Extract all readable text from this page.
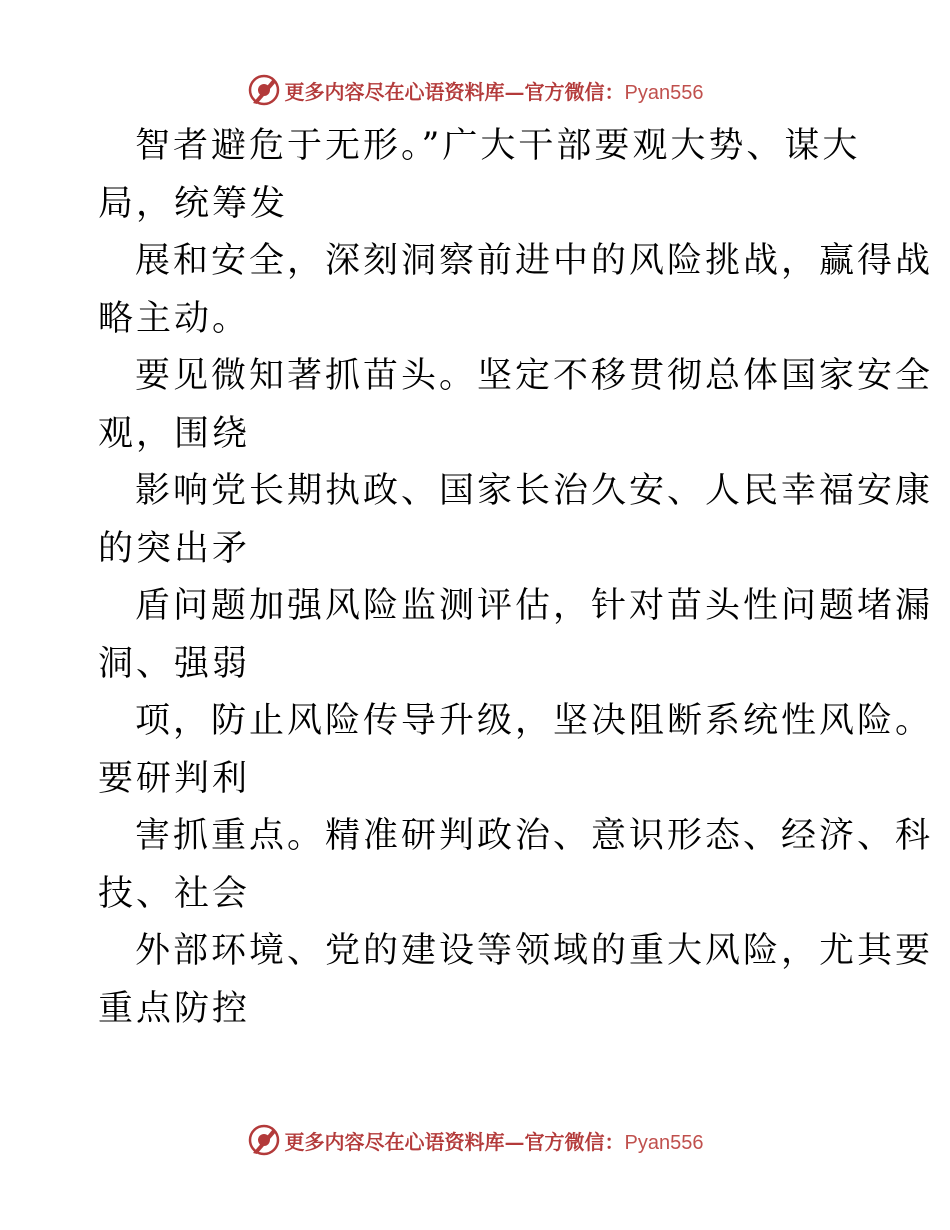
更多内容尽在心语资料库—官方微信：Pyan556
智者避危于无形。”广大干部要观大势、谋大
局，统筹发
展和安全，深刻洞察前进中的风险挑战，赢得战
略主动。
要见微知著抓苗头。坚定不移贯彻总体国家安全
观，围绕
影响党长期执政、国家长治久安、人民幸福安康
的突出矛
盾问题加强风险监测评估，针对苗头性问题堵漏
洞、强弱
项，防止风险传导升级，坚决阻断系统性风险。
要研判利
害抓重点。精准研判政治、意识形态、经济、科
技、社会
外部环境、党的建设等领域的重大风险，尤其要
重点防控
更多内容尽在心语资料库—官方微信：Pyan556
